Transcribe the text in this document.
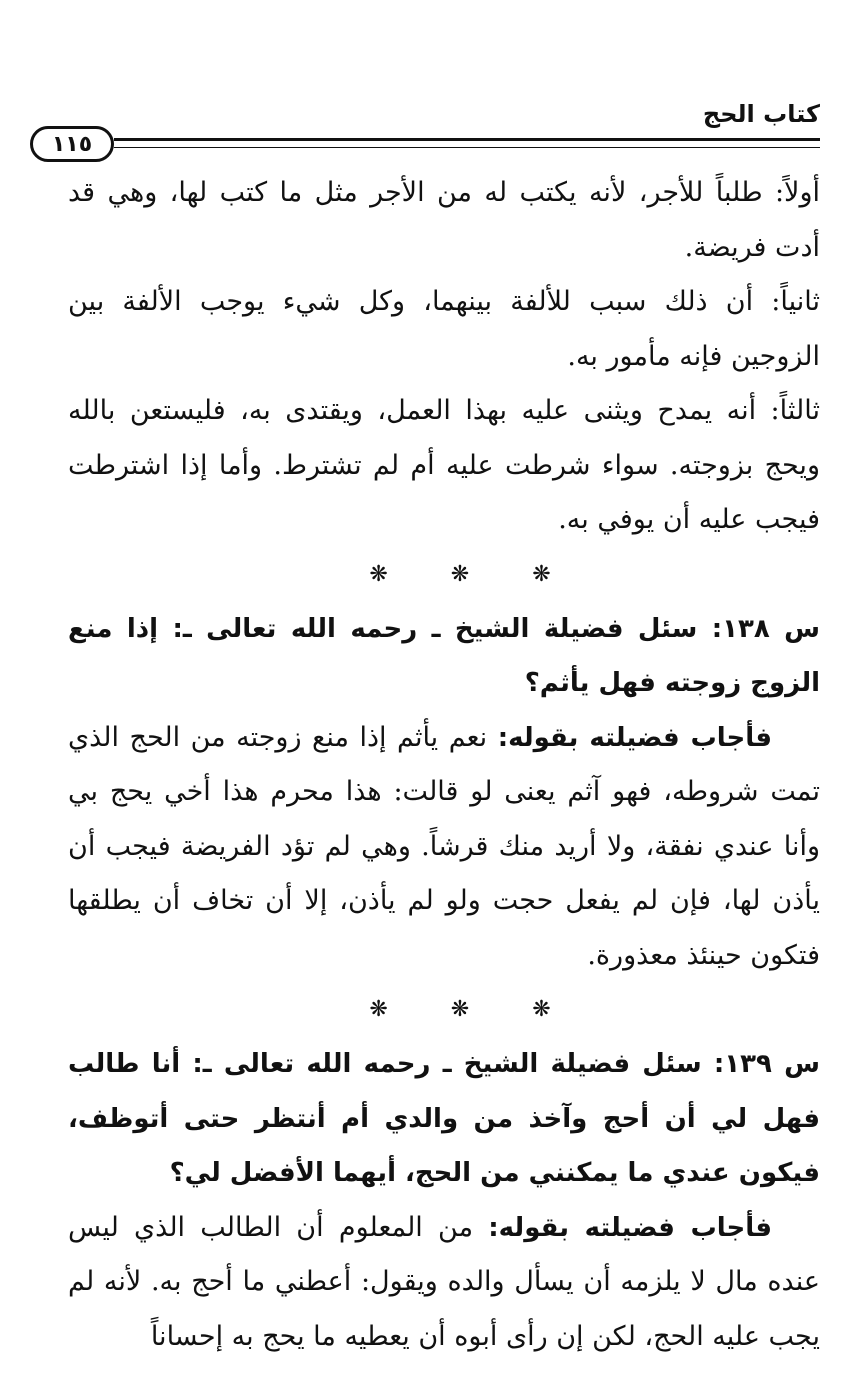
كتاب الحج
١١٥

أولاً: طلباً للأجر، لأنه يكتب له من الأجر مثل ما كتب لها، وهي قد أدت فريضة.

ثانياً: أن ذلك سبب للألفة بينهما، وكل شيء يوجب الألفة بين الزوجين فإنه مأمور به.

ثالثاً: أنه يمدح ويثنى عليه بهذا العمل، ويقتدى به، فليستعن بالله ويحج بزوجته. سواء شرطت عليه أم لم تشترط. وأما إذا اشترطت فيجب عليه أن يوفي به.

❋ ❋ ❋

س ١٣٨: سئل فضيلة الشيخ ـ رحمه الله تعالى ـ: إذا منع الزوج زوجته فهل يأثم؟

فأجاب فضيلته بقوله: نعم يأثم إذا منع زوجته من الحج الذي تمت شروطه، فهو آثم يعنى لو قالت: هذا محرم هذا أخي يحج بي وأنا عندي نفقة، ولا أريد منك قرشاً. وهي لم تؤد الفريضة فيجب أن يأذن لها، فإن لم يفعل حجت ولو لم يأذن، إلا أن تخاف أن يطلقها فتكون حينئذ معذورة.

❋ ❋ ❋

س ١٣٩: سئل فضيلة الشيخ ـ رحمه الله تعالى ـ: أنا طالب فهل لي أن أحج وآخذ من والدي أم أنتظر حتى أتوظف، فيكون عندي ما يمكنني من الحج، أيهما الأفضل لي؟

فأجاب فضيلته بقوله: من المعلوم أن الطالب الذي ليس عنده مال لا يلزمه أن يسأل والده ويقول: أعطني ما أحج به. لأنه لم يجب عليه الحج، لكن إن رأى أبوه أن يعطيه ما يحج به إحساناً
